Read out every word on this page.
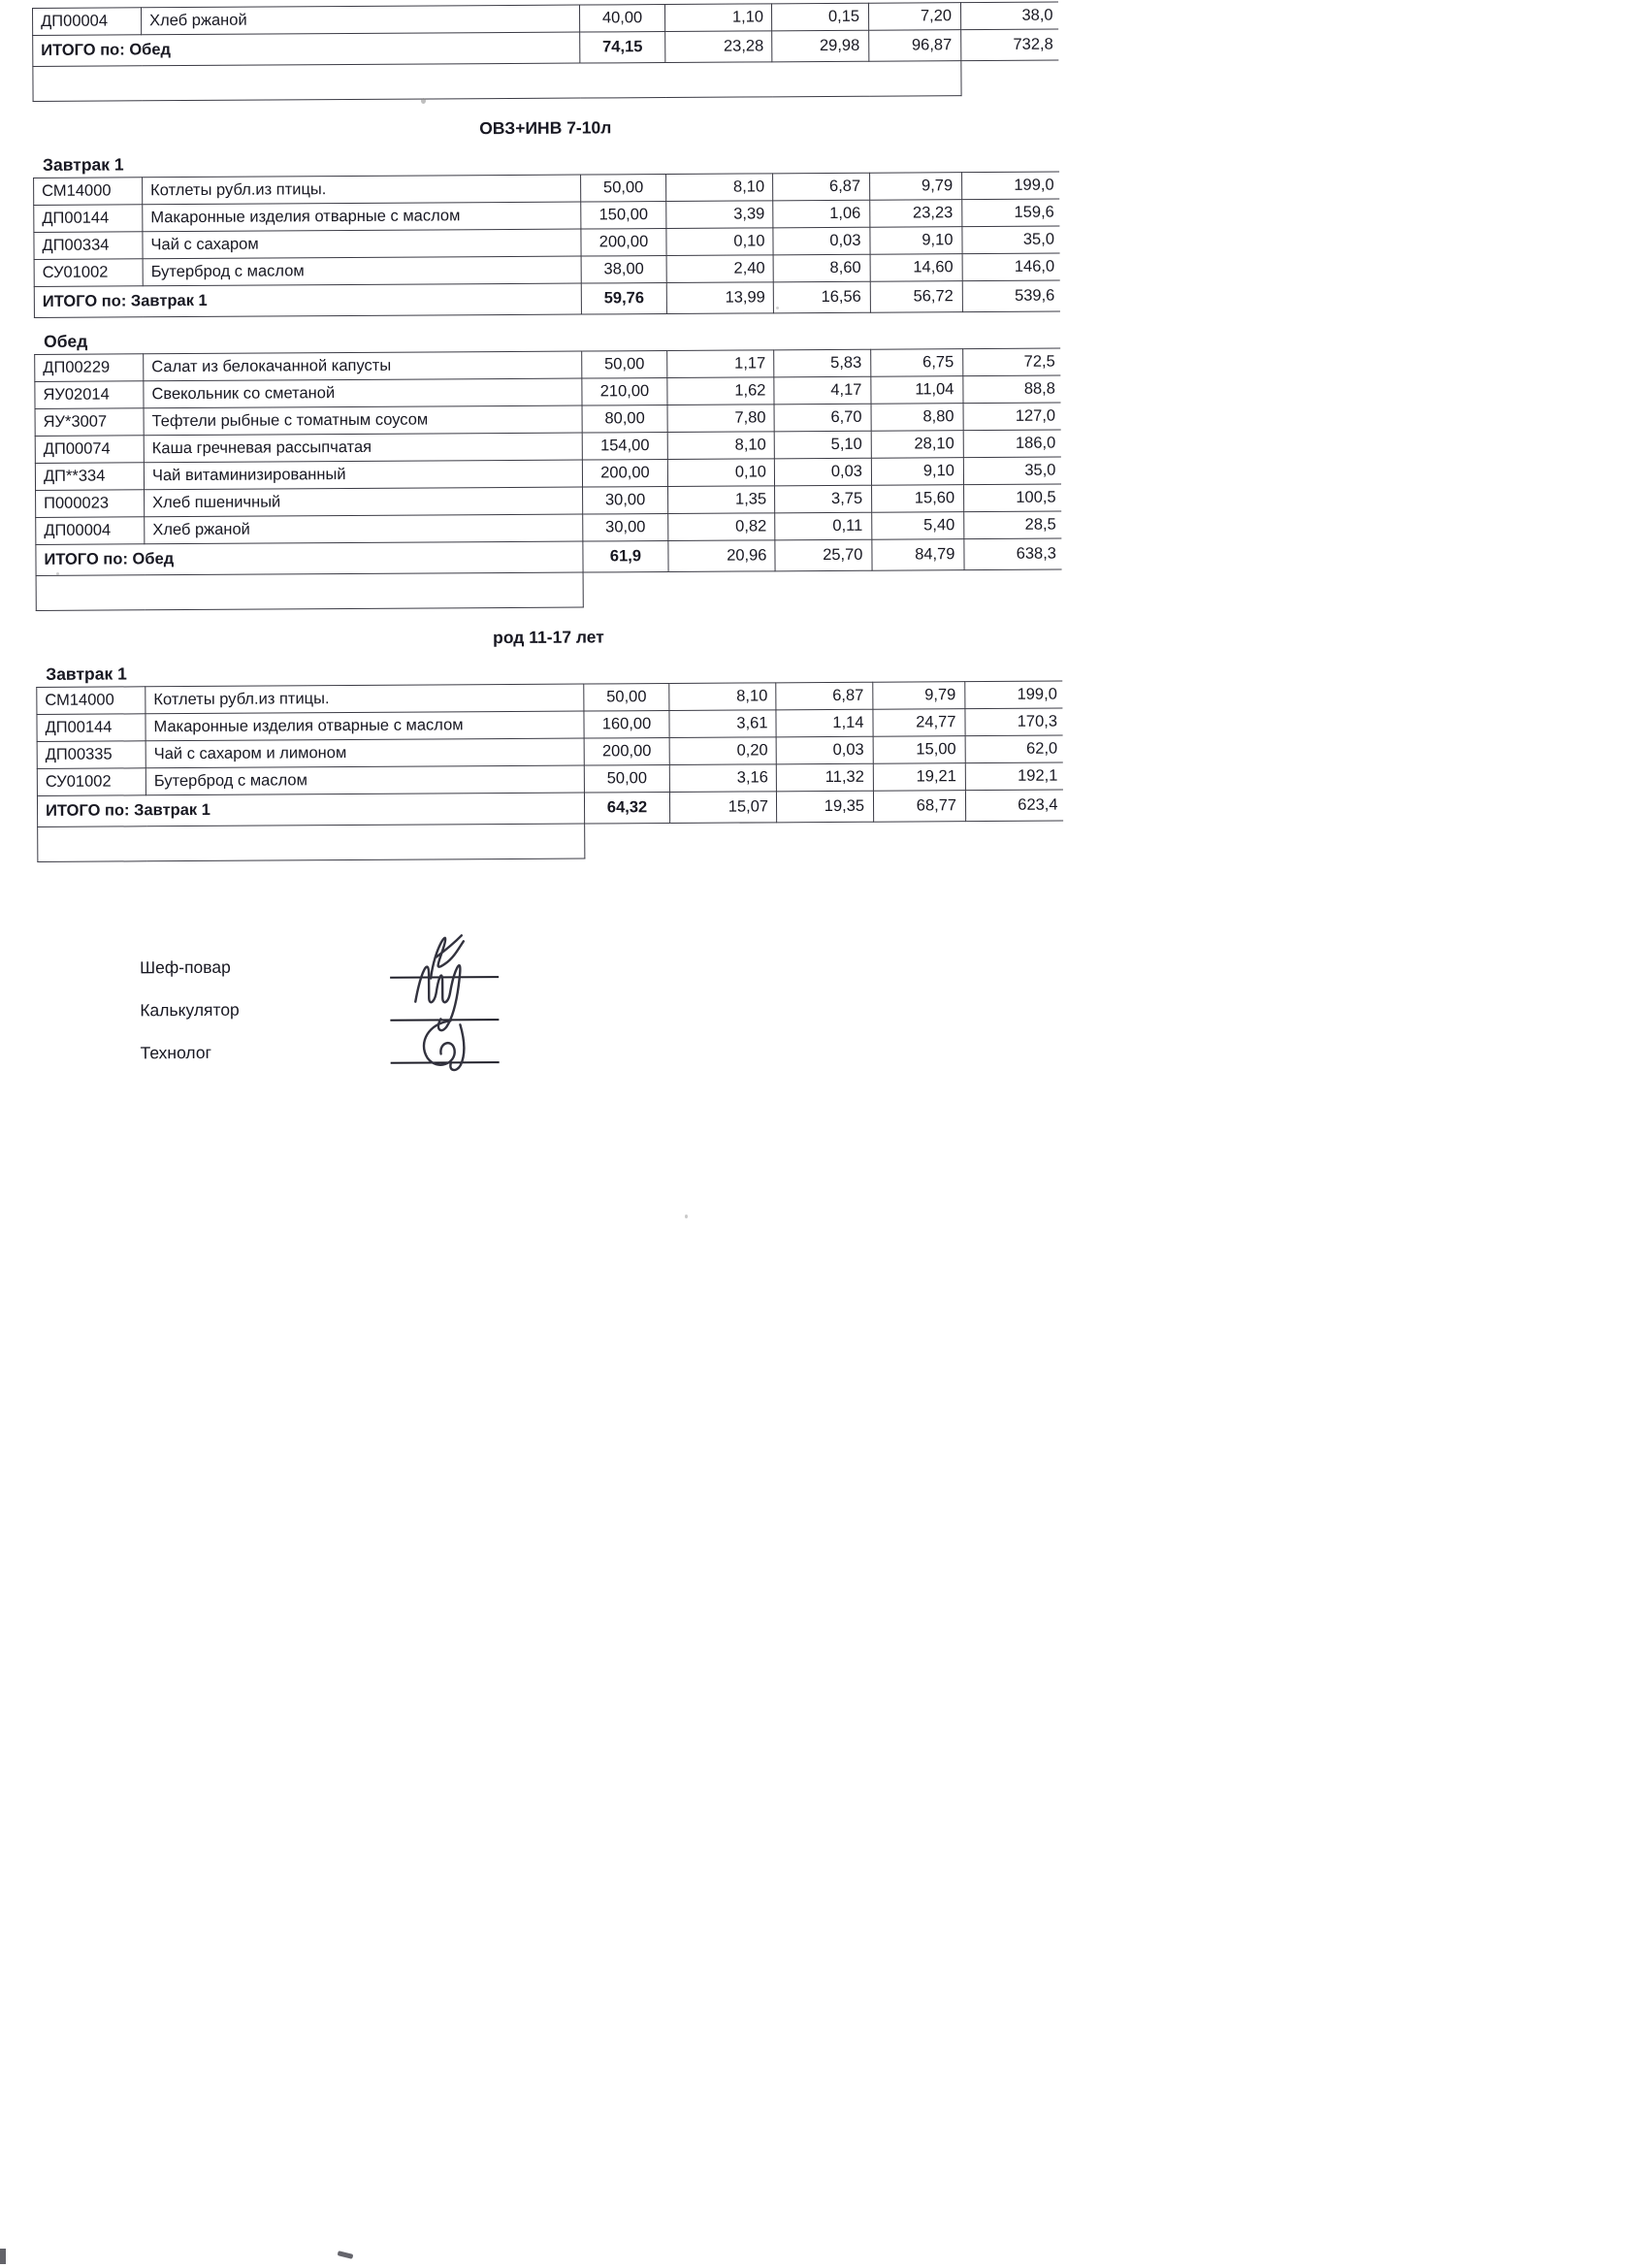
ДП00004	Хлеб ржаной	40,00	1,10	0,15	7,20	38,0
ИТОГО по: Обед		74,15	23,28	29,98	96,87	732,8

ОВЗ+ИНВ 7-10л
Завтрак 1
СМ14000	Котлеты рубл.из птицы.	50,00	8,10	6,87	9,79	199,0
ДП00144	Макаронные изделия отварные с маслом	150,00	3,39	1,06	23,23	159,6
ДП00334	Чай с сахаром	200,00	0,10	0,03	9,10	35,0
СУ01002	Бутерброд с маслом	38,00	2,40	8,60	14,60	146,0
ИТОГО по: Завтрак 1		59,76	13,99	16,56	56,72	539,6
Обед
ДП00229	Салат из белокачанной капусты	50,00	1,17	5,83	6,75	72,5
ЯУ02014	Свекольник со сметаной	210,00	1,62	4,17	11,04	88,8
ЯУ*3007	Тефтели рыбные с томатным соусом	80,00	7,80	6,70	8,80	127,0
ДП00074	Каша гречневая рассыпчатая	154,00	8,10	5,10	28,10	186,0
ДП**334	Чай витаминизированный	200,00	0,10	0,03	9,10	35,0
П000023	Хлеб пшеничный	30,00	1,35	3,75	15,60	100,5
ДП00004	Хлеб ржаной	30,00	0,82	0,11	5,40	28,5
ИТОГО по: Обед		61,9	20,96	25,70	84,79	638,3

род 11-17 лет
Завтрак 1
СМ14000	Котлеты рубл.из птицы.	50,00	8,10	6,87	9,79	199,0
ДП00144	Макаронные изделия отварные с маслом	160,00	3,61	1,14	24,77	170,3
ДП00335	Чай с сахаром и лимоном	200,00	0,20	0,03	15,00	62,0
СУ01002	Бутерброд с маслом	50,00	3,16	11,32	19,21	192,1
ИТОГО по: Завтрак 1		64,32	15,07	19,35	68,77	623,4

Шеф-повар
Калькулятор
Технолог
